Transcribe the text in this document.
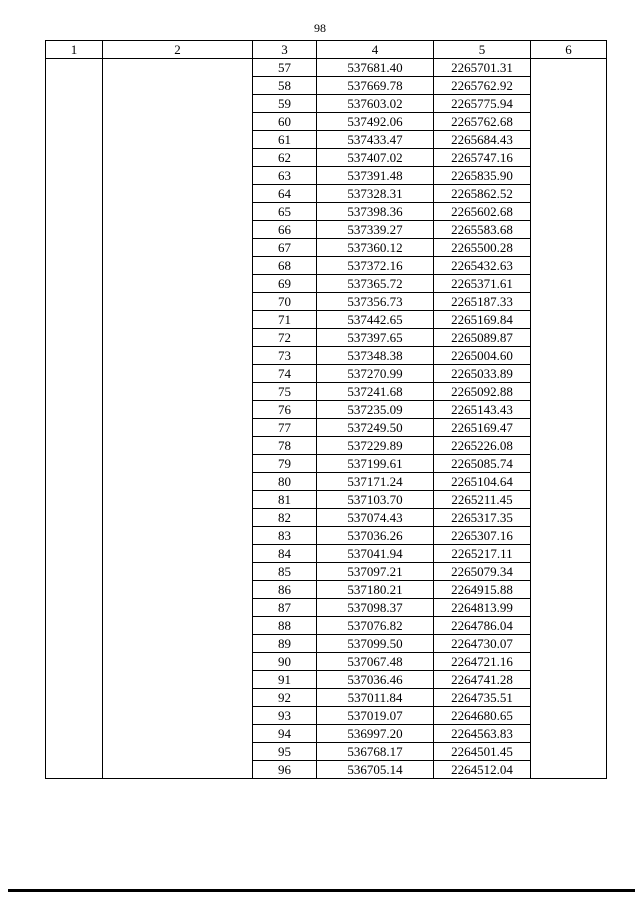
98
1	2	3	4	5	6
		57	537681.40	2265701.31	
		58	537669.78	2265762.92	
		59	537603.02	2265775.94	
		60	537492.06	2265762.68	
		61	537433.47	2265684.43	
		62	537407.02	2265747.16	
		63	537391.48	2265835.90	
		64	537328.31	2265862.52	
		65	537398.36	2265602.68	
		66	537339.27	2265583.68	
		67	537360.12	2265500.28	
		68	537372.16	2265432.63	
		69	537365.72	2265371.61	
		70	537356.73	2265187.33	
		71	537442.65	2265169.84	
		72	537397.65	2265089.87	
		73	537348.38	2265004.60	
		74	537270.99	2265033.89	
		75	537241.68	2265092.88	
		76	537235.09	2265143.43	
		77	537249.50	2265169.47	
		78	537229.89	2265226.08	
		79	537199.61	2265085.74	
		80	537171.24	2265104.64	
		81	537103.70	2265211.45	
		82	537074.43	2265317.35	
		83	537036.26	2265307.16	
		84	537041.94	2265217.11	
		85	537097.21	2265079.34	
		86	537180.21	2264915.88	
		87	537098.37	2264813.99	
		88	537076.82	2264786.04	
		89	537099.50	2264730.07	
		90	537067.48	2264721.16	
		91	537036.46	2264741.28	
		92	537011.84	2264735.51	
		93	537019.07	2264680.65	
		94	536997.20	2264563.83	
		95	536768.17	2264501.45	
		96	536705.14	2264512.04	
